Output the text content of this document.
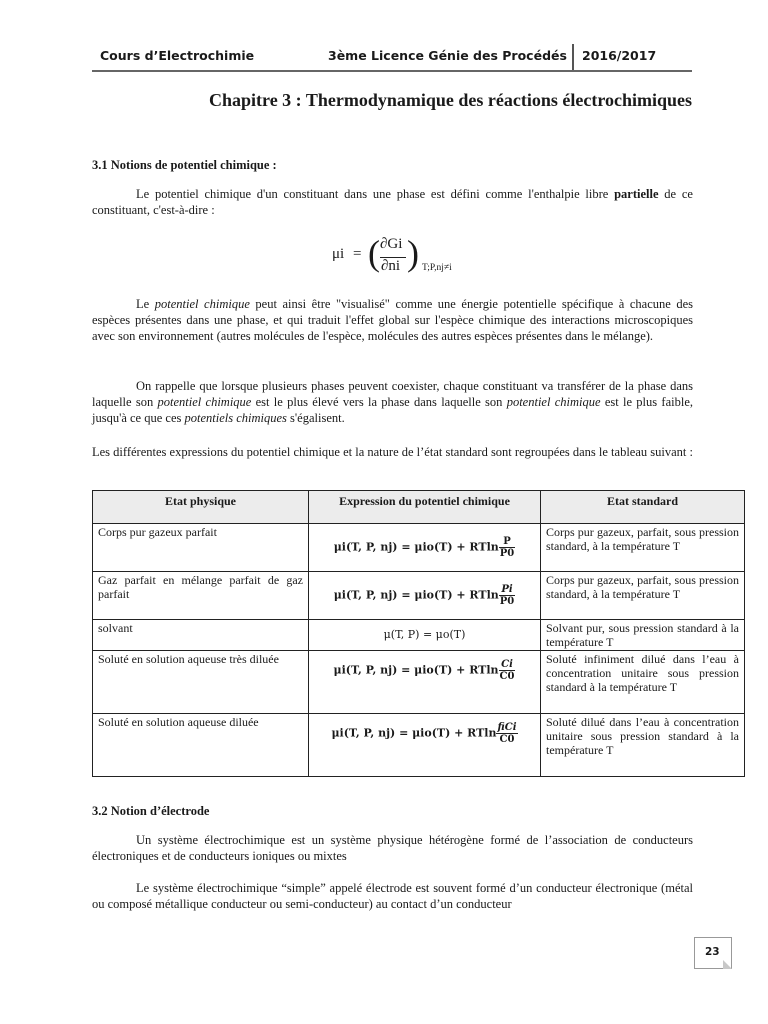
Cours d’Electrochimie	3ème Licence Génie des Procédés 2016/2017
Chapitre 3 : Thermodynamique des réactions électrochimiques
3.1 Notions de potentiel chimique :

Le potentiel chimique d'un constituant dans une phase est défini comme l'enthalpie libre partielle de ce constituant, c'est-à-dire :

μi = ( ∂Gi
∂ni ) T;P,nj≠i

Le potentiel chimique peut ainsi être "visualisé" comme une énergie potentielle spécifique à chacune des espèces présentes dans une phase, et qui traduit l'effet global sur l'espèce chimique des interactions microscopiques avec son environnement (autres molécules de l'espèce, molécules des autres espèces présentes dans le mélange).

On rappelle que lorsque plusieurs phases peuvent coexister, chaque constituant va transférer de la phase dans laquelle son potentiel chimique est le plus élevé vers la phase dans laquelle son potentiel chimique est le plus faible, jusqu'à ce que ces potentiels chimiques s'égalisent.

Les différentes expressions du potentiel chimique et la nature de l’état standard sont regroupées dans le tableau suivant :

Etat physique	Expression du potentiel chimique	Etat standard
Corps pur gazeux parfait	μi(T, P, nj) = μio(T) + RTln $\frac{P}{P0}$	Corps pur gazeux, parfait, sous pression standard, à la température T
Gaz parfait en mélange parfait de gaz parfait	μi(T, P, nj) = μio(T) + RTln $\frac{Pi}{P0}$	Corps pur gazeux, parfait, sous pression standard, à la température T
solvant	μ(T, P) = μo(T)	Solvant pur, sous pression standard à la température T
Soluté en solution aqueuse très diluée	μi(T, P, nj) = μio(T) + RTln $\frac{Ci}{C0}$	Soluté infiniment dilué dans l’eau à concentration unitaire sous pression standard à la température T
Soluté en solution aqueuse diluée	μi(T, P, nj) = μio(T) + RTln $\frac{\text{fiCi}}{C0}$	Soluté dilué dans l’eau à concentration unitaire sous pression standard à la température T
3.2 Notion d’électrode

Un système électrochimique est un système physique hétérogène formé de l’association de conducteurs électroniques et de conducteurs ioniques ou mixtes

Le système électrochimique “simple” appelé électrode est souvent formé d’un conducteur électronique (métal ou composé métallique conducteur ou semi-conducteur) au contact d’un conducteur

23
